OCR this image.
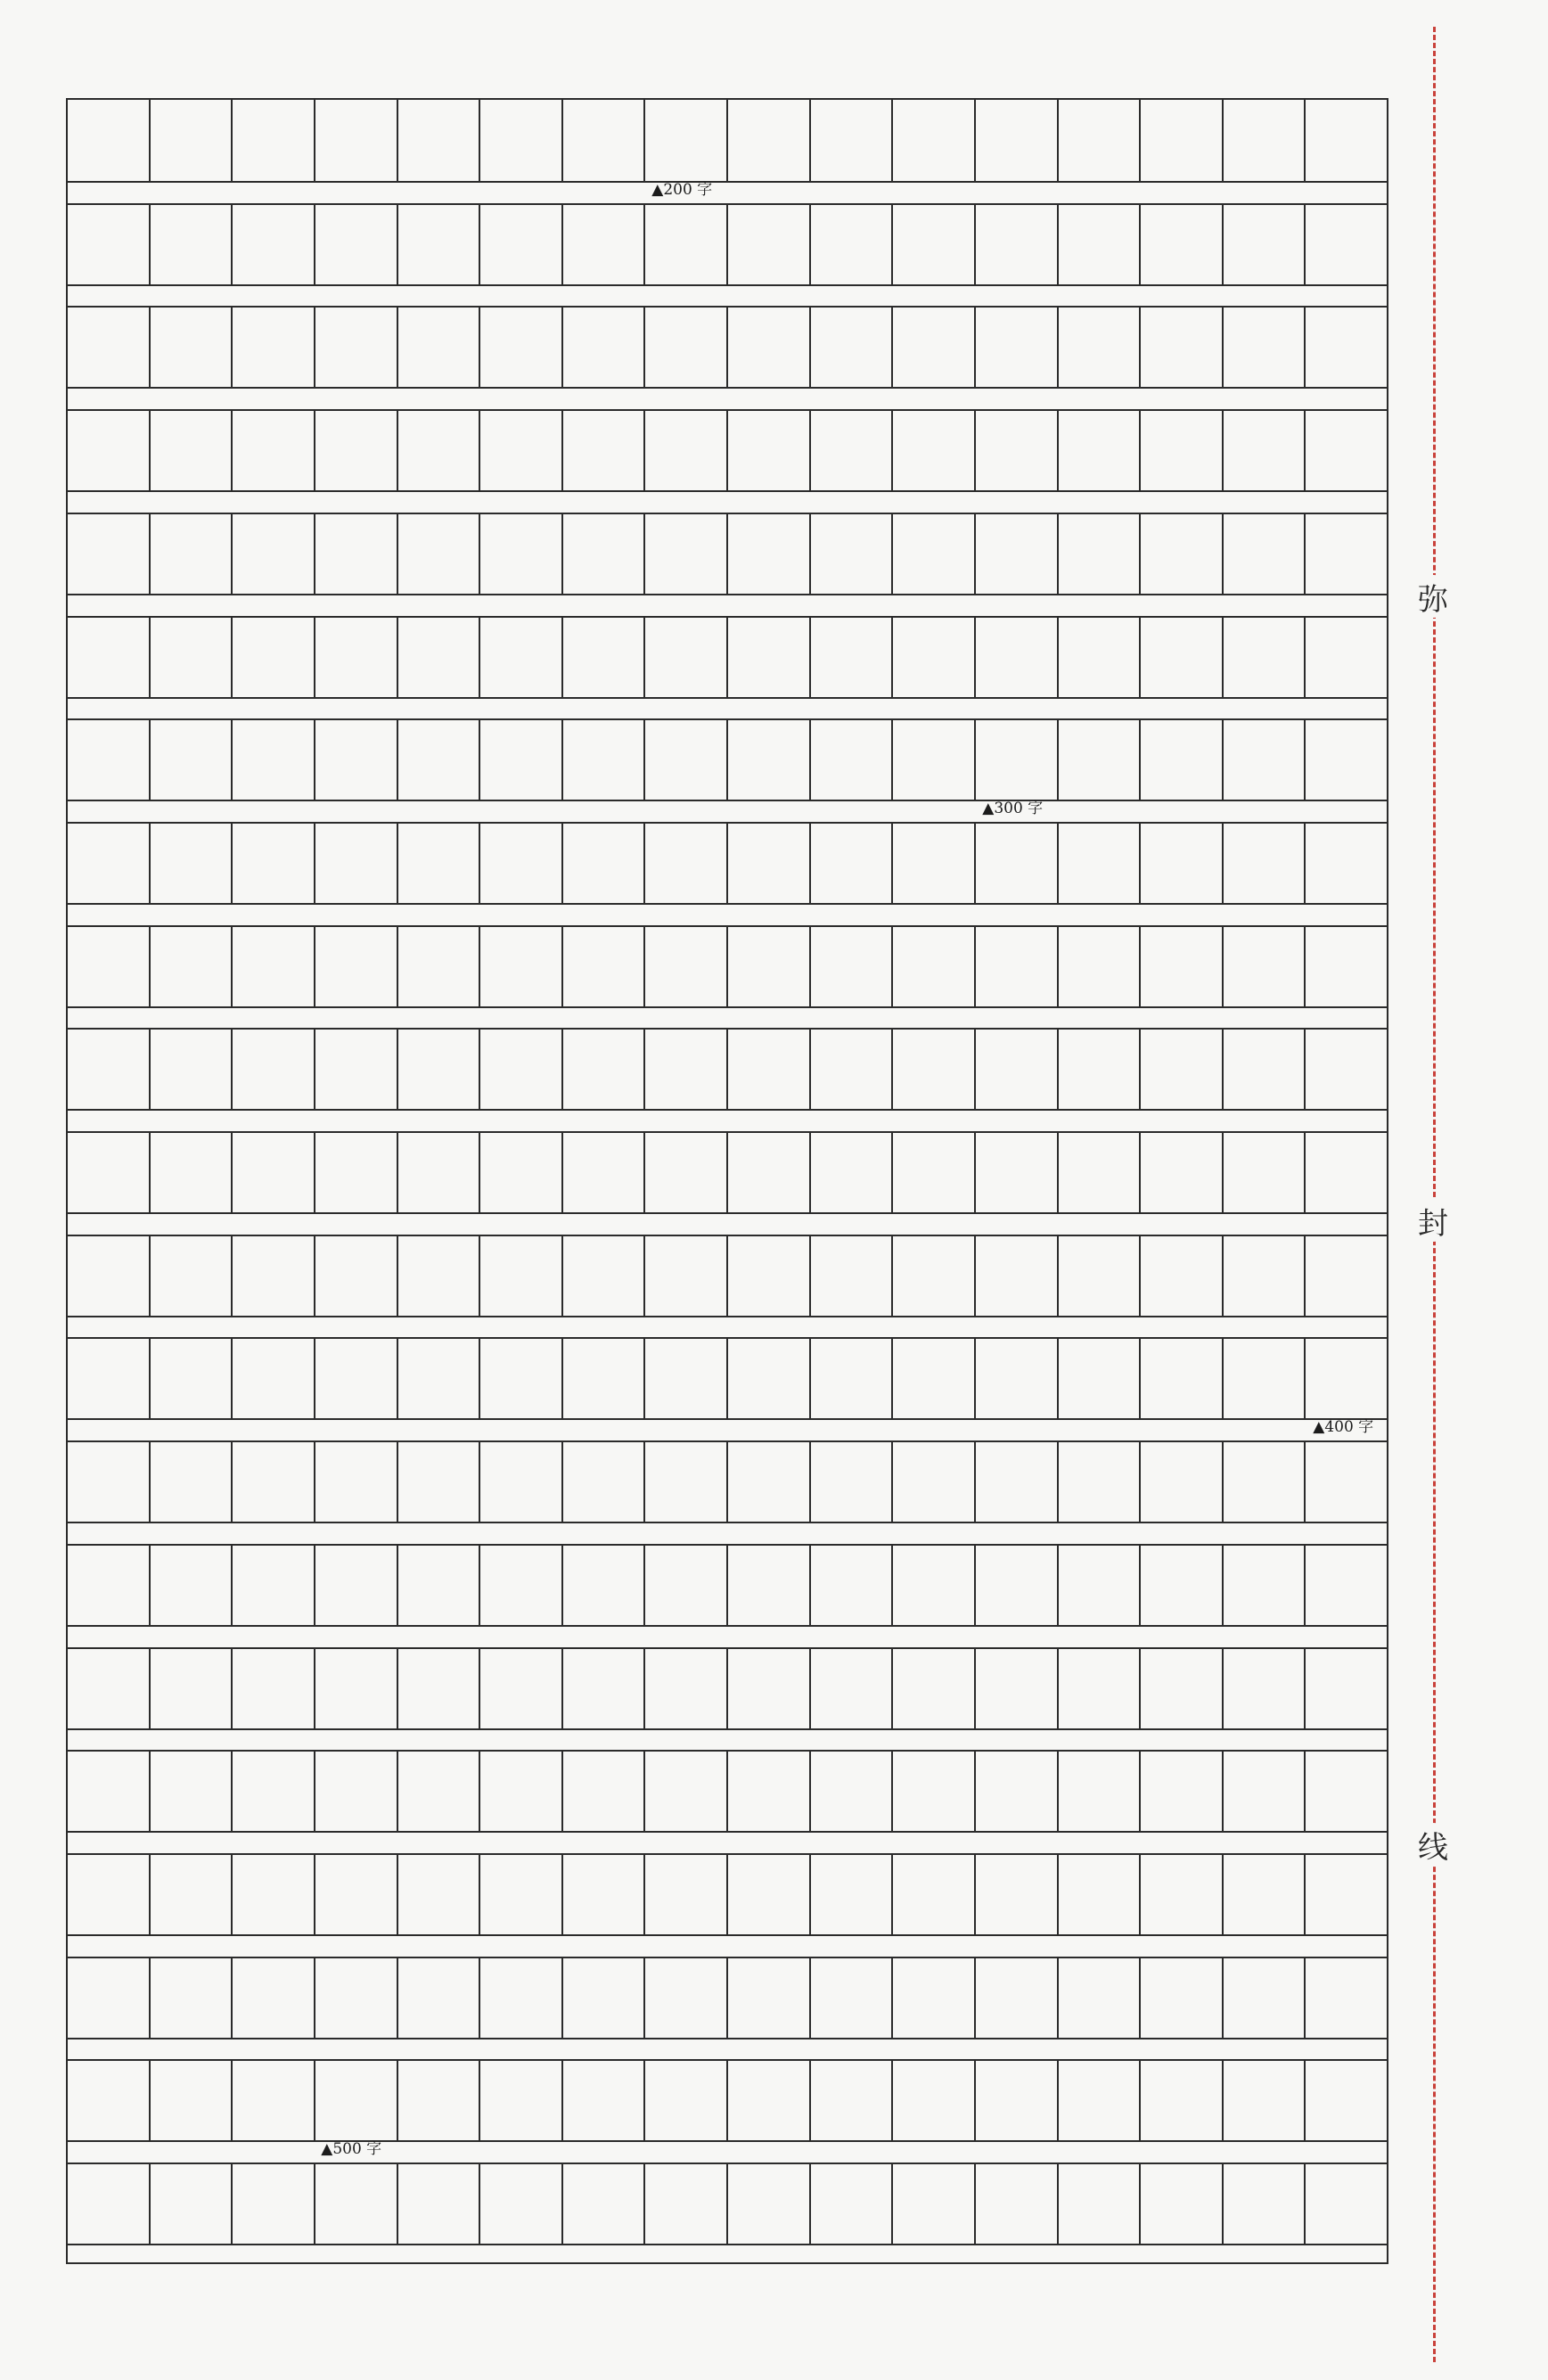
弥
封
线
▲200 字
▲300 字
▲400 字
▲500 字
